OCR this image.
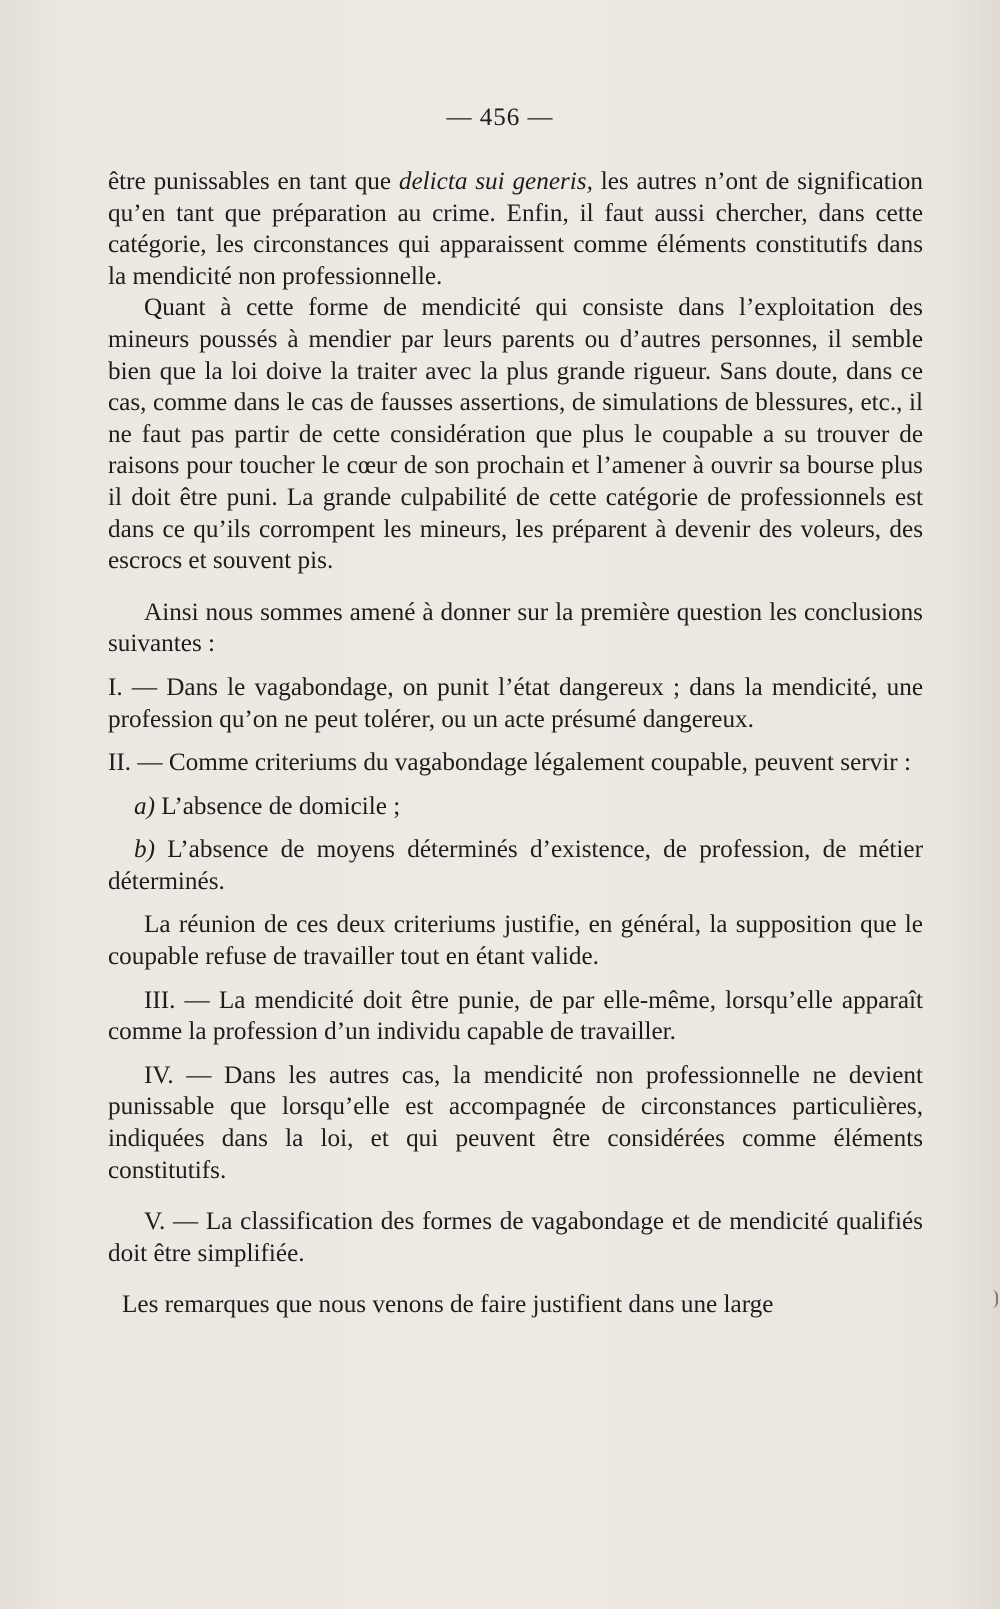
— 456 —

être punissables en tant que delicta sui generis, les autres n’ont de signification qu’en tant que préparation au crime. Enfin, il faut aussi chercher, dans cette catégorie, les circonstances qui apparaissent comme éléments constitutifs dans la mendicité non professionnelle.

Quant à cette forme de mendicité qui consiste dans l’exploitation des mineurs poussés à mendier par leurs parents ou d’autres personnes, il semble bien que la loi doive la traiter avec la plus grande rigueur. Sans doute, dans ce cas, comme dans le cas de fausses assertions, de simulations de blessures, etc., il ne faut pas partir de cette considération que plus le coupable a su trouver de raisons pour toucher le cœur de son prochain et l’amener à ouvrir sa bourse plus il doit être puni. La grande culpabilité de cette catégorie de professionnels est dans ce qu’ils corrompent les mineurs, les préparent à devenir des voleurs, des escrocs et souvent pis.

Ainsi nous sommes amené à donner sur la première question les conclusions suivantes :

I. — Dans le vagabondage, on punit l’état dangereux ; dans la mendicité, une profession qu’on ne peut tolérer, ou un acte présumé dangereux.

II. — Comme criteriums du vagabondage légalement coupable, peuvent servir :

a) L’absence de domicile ;

b) L’absence de moyens déterminés d’existence, de profession, de métier déterminés.

La réunion de ces deux criteriums justifie, en général, la supposition que le coupable refuse de travailler tout en étant valide.

III. — La mendicité doit être punie, de par elle-même, lorsqu’elle apparaît comme la profession d’un individu capable de travailler.

IV. — Dans les autres cas, la mendicité non professionnelle ne devient punissable que lorsqu’elle est accompagnée de circonstances particulières, indiquées dans la loi, et qui peuvent être considérées comme éléments constitutifs.

V. — La classification des formes de vagabondage et de mendicité qualifiés doit être simplifiée.

Les remarques que nous venons de faire justifient dans une large
